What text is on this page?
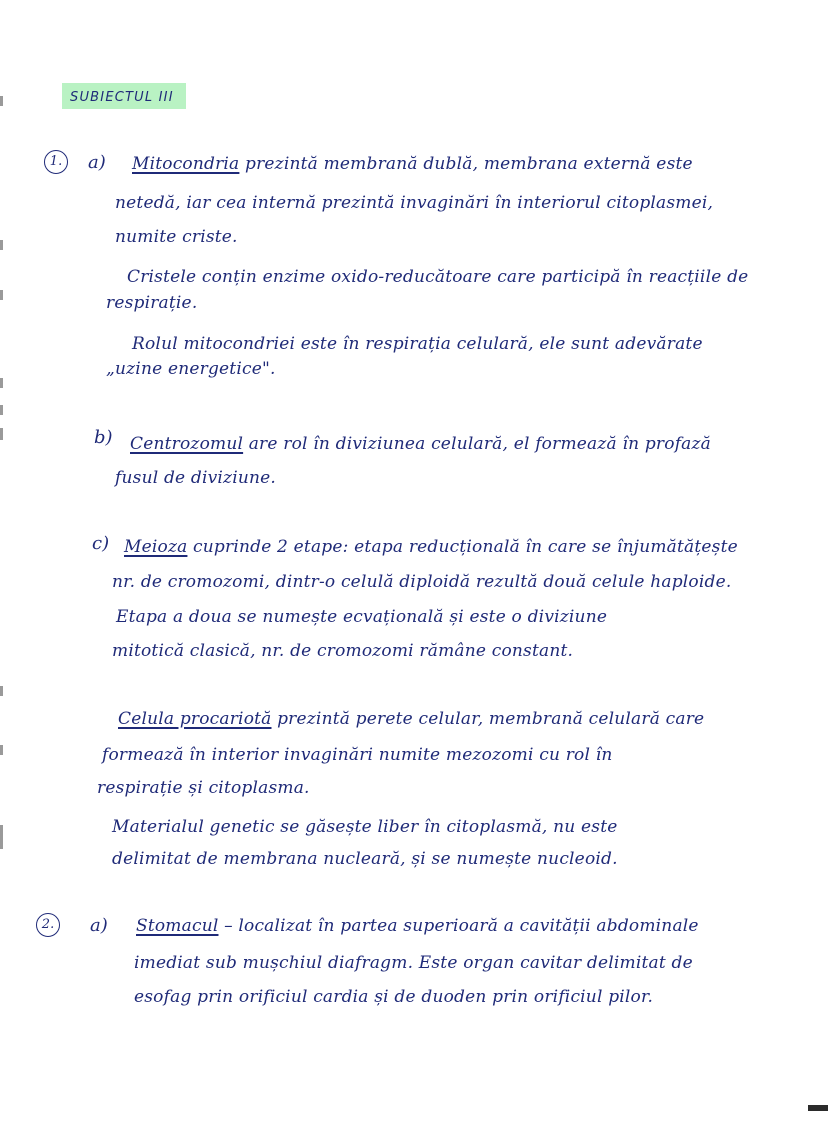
SUBIECTUL III
1.	a) Mitocondria prezintă membrană dublă, membrana externă este
netedă, iar cea internă prezintă invaginări în interiorul citoplasmei,
numite criste.
Cristele conțin enzime oxido-reducătoare care participă în reacțiile de
respirație.
Rolul mitocondriei este în respirația celulară, ele sunt adevărate
„uzine energetice".
b) Centrozomul are rol în diviziunea celulară, el formează în profază
fusul de diviziune.
c) Meioza cuprinde 2 etape: etapa reducțională în care se înjumătățește
nr. de cromozomi, dintr-o celulă diploidă rezultă două celule haploide.
Etapa a doua se numește ecvațională și este o diviziune
mitotică clasică, nr. de cromozomi rămâne constant.
Celula procariotă prezintă perete celular, membrană celulară care
formează în interior invaginări numite mezozomi cu rol în
respirație și citoplasma.
Materialul genetic se găsește liber în citoplasmă, nu este
delimitat de membrana nucleară, și se numește nucleoid.
2.	a) Stomacul – localizat în partea superioară a cavității abdominale
imediat sub mușchiul diafragm. Este organ cavitar delimitat de
esofag prin orificiul cardia și de duoden prin orificiul pilor.
